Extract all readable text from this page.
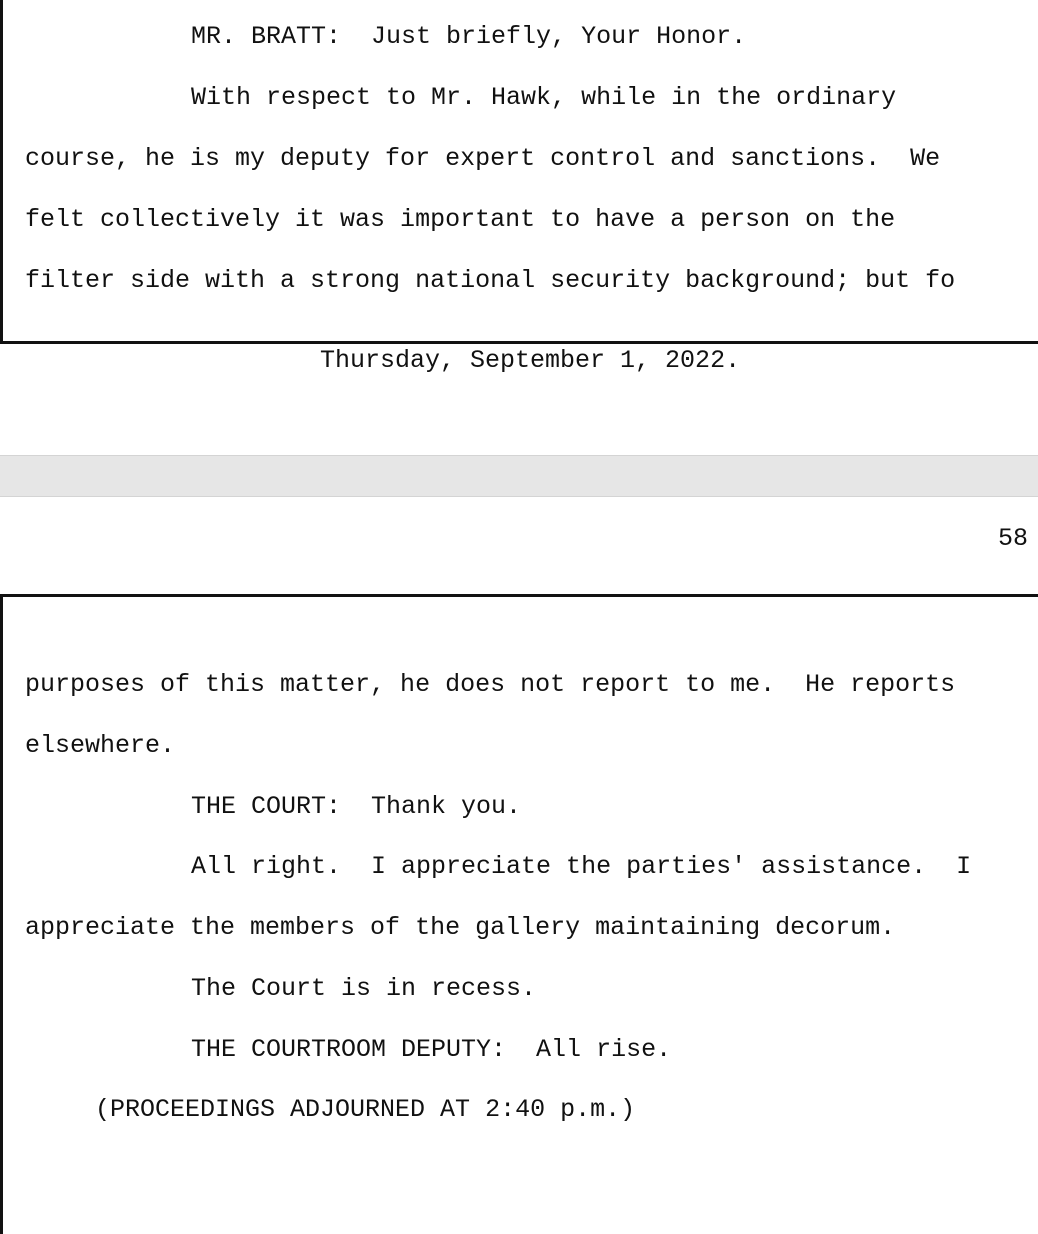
MR. BRATT:  Just briefly, Your Honor.
With respect to Mr. Hawk, while in the ordinary
course, he is my deputy for expert control and sanctions.  We
felt collectively it was important to have a person on the
filter side with a strong national security background; but fo
Thursday, September 1, 2022.
58
purposes of this matter, he does not report to me.  He reports
elsewhere.
THE COURT:  Thank you.
All right.  I appreciate the parties' assistance.  I
appreciate the members of the gallery maintaining decorum.
The Court is in recess.
THE COURTROOM DEPUTY:  All rise.
(PROCEEDINGS ADJOURNED AT 2:40 p.m.)
